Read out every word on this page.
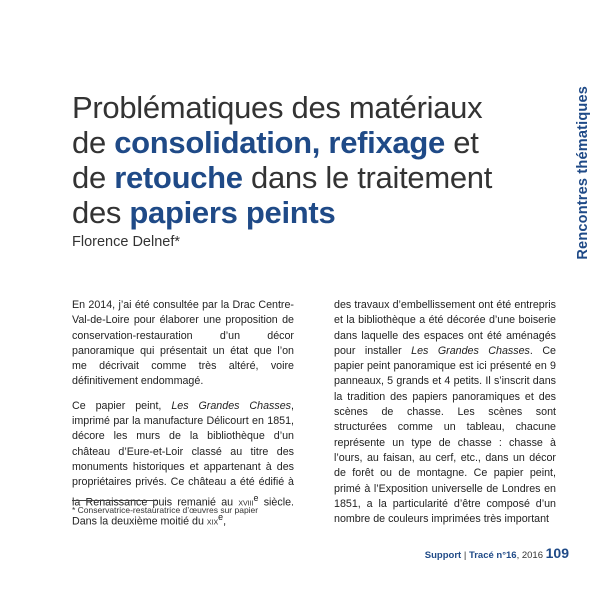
Rencontres thématiques
Problématiques des matériaux
de consolidation, refixage et
de retouche dans le traitement
des papiers peints
Florence Delnef*

En 2014, j’ai été consultée par la Drac Centre-Val-de-Loire pour élaborer une proposition de conservation-restauration d’un décor panoramique qui présentait un état que l’on me décrivait comme très altéré, voire définitivement endommagé.

Ce papier peint, Les Grandes Chasses, imprimé par la manufacture Délicourt en 1851, décore les murs de la bibliothèque d’un château d’Eure-et-Loir classé au titre des monuments historiques et appartenant à des propriétaires privés. Ce château a été édifié à la Renaissance puis remanié au xviii$^e$ siècle. Dans la deuxième moitié du xix$^e$,

des travaux d’embellissement ont été entrepris et la bibliothèque a été décorée d’une boiserie dans laquelle des espaces ont été aménagés pour installer Les Grandes Chasses. Ce papier peint panoramique est ici présenté en 9 panneaux, 5 grands et 4 petits. Il s’inscrit dans la tradition des papiers panoramiques et des scènes de chasse. Les scènes sont structurées comme un tableau, chacune représente un type de chasse : chasse à l’ours, au faisan, au cerf, etc., dans un décor de forêt ou de montagne. Ce papier peint, primé à l’Exposition universelle de Londres en 1851, a la particularité d’être composé d’un nombre de couleurs imprimées très important

* Conservatrice-restauratrice d’œuvres sur papier
Support | Tracé n°16, 2016 109
